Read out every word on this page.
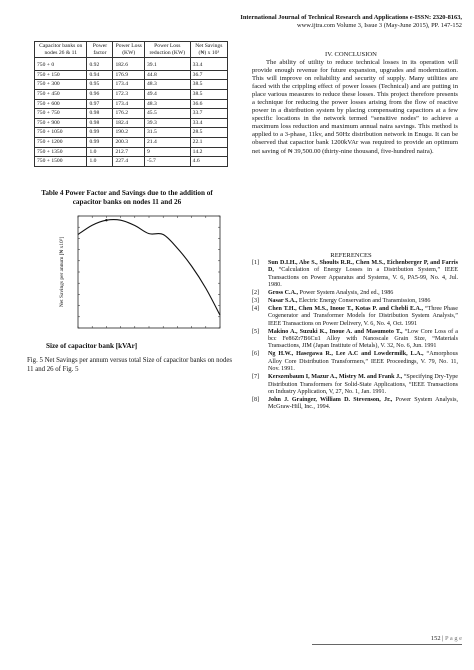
International Journal of Technical Research and Applications e-ISSN: 2320-8163,
www.ijtra.com Volume 3, Issue 3 (May-June 2015), PP. 147-152
Capacitor banks on nodes 26 & 11	Power factor	Power Loss (KW)	Power Loss reduction (KW)	Net Savings (₦) x 10³
750 + 0	0.92	182.6	39.1	33.4
750 + 150	0.94	176.9	44.8	36.7
750 + 300	0.95	173.4	48.3	38.5
750 + 450	0.96	172.3	49.4	38.5
750 + 600	0.97	173.4	48.3	36.6
750 + 750	0.98	176.2	45.5	33.7
750 + 900	0.98	182.4	39.3	33.4
750 + 1050	0.99	190.2	31.5	28.5
750 + 1200	0.99	200.3	21.4	22.1
750 + 1350	1.0	212.7	9	14.2
750 + 1500	1.0	227.4	-5.7	4.6
Table 4 Power Factor and Savings due to the addition of capacitor banks on nodes 11 and 26
Net Savings per annum [₦ x10³]
Size of capacitor bank [kVAr]
Fig. 5 Net Savings per annum versus total Size of capacitor banks on nodes 11 and 26 of Fig. 5
IV. CONCLUSION

The ability of utility to reduce technical losses in its operation will provide enough revenue for future expansion, upgrades and modernization. This will improve on reliability and security of supply. Many utilities are faced with the crippling effect of power losses (Technical) and are putting in place various measures to reduce these losses. This project therefore presents a technique for reducing the power losses arising from the flow of reactive power in a distribution system by placing compensating capacitors at a few specific locations in the network termed “sensitive nodes” to achieve a maximum loss reduction and maximum annual naira savings. This method is applied to a 3-phase, 11kv, and 50Hz distribution network in Enugu. It can be observed that capacitor bank 1200kVAr was required to provide an optimum net saving of ₦ 39,500.00 (thirty-nine thousand, five-hundred naira).

REFERENCES
[1]	Sun D.I.H., Abe S., Shoults R.R., Chen M.S., Eichenberger P, and Farris D, “Calculation of Energy Losses in a Distribution System,” IEEE Transactions on Power Apparatus and Systems, V. 6, PA5-99, No. 4, Jul. 1980.
[2]	Gross C.A., Power System Analysis, 2nd ed., 1986
[3]	Nasar S.A., Electric Energy Conservation and Transmission, 1986
[4]	Chen T.H., Chen M.S., Inoue T., Kotas P. and Chebli E.A., “Three Phase Cogenerator and Transformer Models for Distribution System Analysis,” IEEE Transactions on Power Delivery, V. 6, No. 4, Oct. 1991
[5]	Makino A., Suzuki K., Inoue A. and Masumoto T., “Low Core Loss of a bcc Fe86Zr7B6Cu1 Alloy with Nanoscale Grain Size, “Materials Transactions, JIM (Japan Institute of Metals), V. 32, No. 6, Jun. 1991
[6]	Ng H.W., Hasegawa R., Lee A.C and Lowdermilk, L.A., “Amorphous Alloy Core Distribution Transformers,” IEEE Proceedings, V. 79, No. 11, Nov. 1991.
[7]	Kerszenbaum I, Mazur A., Mistry M. and Frank J., “Specifying Dry-Type Distribution Transformers for Solid-State Applications, “IEEE Transactions on Industry Application, V, 27, No. 1, Jan. 1991.
[8]	John J. Grainger, William D. Stevenson, Jr., Power System Analysis, McGraw-Hill, Inc., 1994.
152 | P a g e
